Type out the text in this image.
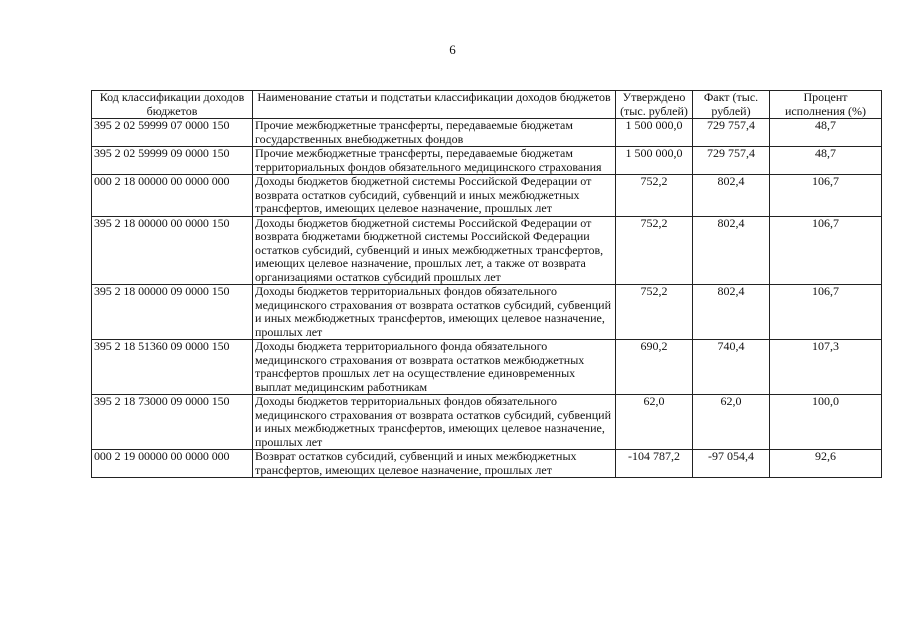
6
Код классификации доходов бюджетов	Наименование статьи и подстатьи классификации доходов бюджетов	Утверждено (тыс. рублей)	Факт (тыс. рублей)	Процент исполнения (%)
395 2 02 59999 07 0000 150	Прочие межбюджетные трансферты, передаваемые бюджетам государственных внебюджетных фондов	1 500 000,0	729 757,4	48,7
395 2 02 59999 09 0000 150	Прочие межбюджетные трансферты, передаваемые бюджетам территориальных фондов обязательного медицинского страхования	1 500 000,0	729 757,4	48,7
000 2 18 00000 00 0000 000	Доходы бюджетов бюджетной системы Российской Федерации от возврата остатков субсидий, субвенций и иных межбюджетных трансфертов, имеющих целевое назначение, прошлых лет	752,2	802,4	106,7
395 2 18 00000 00 0000 150	Доходы бюджетов бюджетной системы Российской Федерации от возврата бюджетами бюджетной системы Российской Федерации остатков субсидий, субвенций и иных межбюджетных трансфертов, имеющих целевое назначение, прошлых лет, а также от возврата организациями остатков субсидий прошлых лет	752,2	802,4	106,7
395 2 18 00000 09 0000 150	Доходы бюджетов территориальных фондов обязательного медицинского страхования от возврата остатков субсидий, субвенций и иных межбюджетных трансфертов, имеющих целевое назначение, прошлых лет	752,2	802,4	106,7
395 2 18 51360 09 0000 150	Доходы бюджета территориального фонда обязательного медицинского страхования от возврата остатков межбюджетных трансфертов прошлых лет на осуществление единовременных выплат медицинским работникам	690,2	740,4	107,3
395 2 18 73000 09 0000 150	Доходы бюджетов территориальных фондов обязательного медицинского страхования от возврата остатков субсидий, субвенций и иных межбюджетных трансфертов, имеющих целевое назначение, прошлых лет	62,0	62,0	100,0
000 2 19 00000 00 0000 000	Возврат остатков субсидий, субвенций и иных межбюджетных трансфертов, имеющих целевое назначение, прошлых лет	-104 787,2	-97 054,4	92,6
